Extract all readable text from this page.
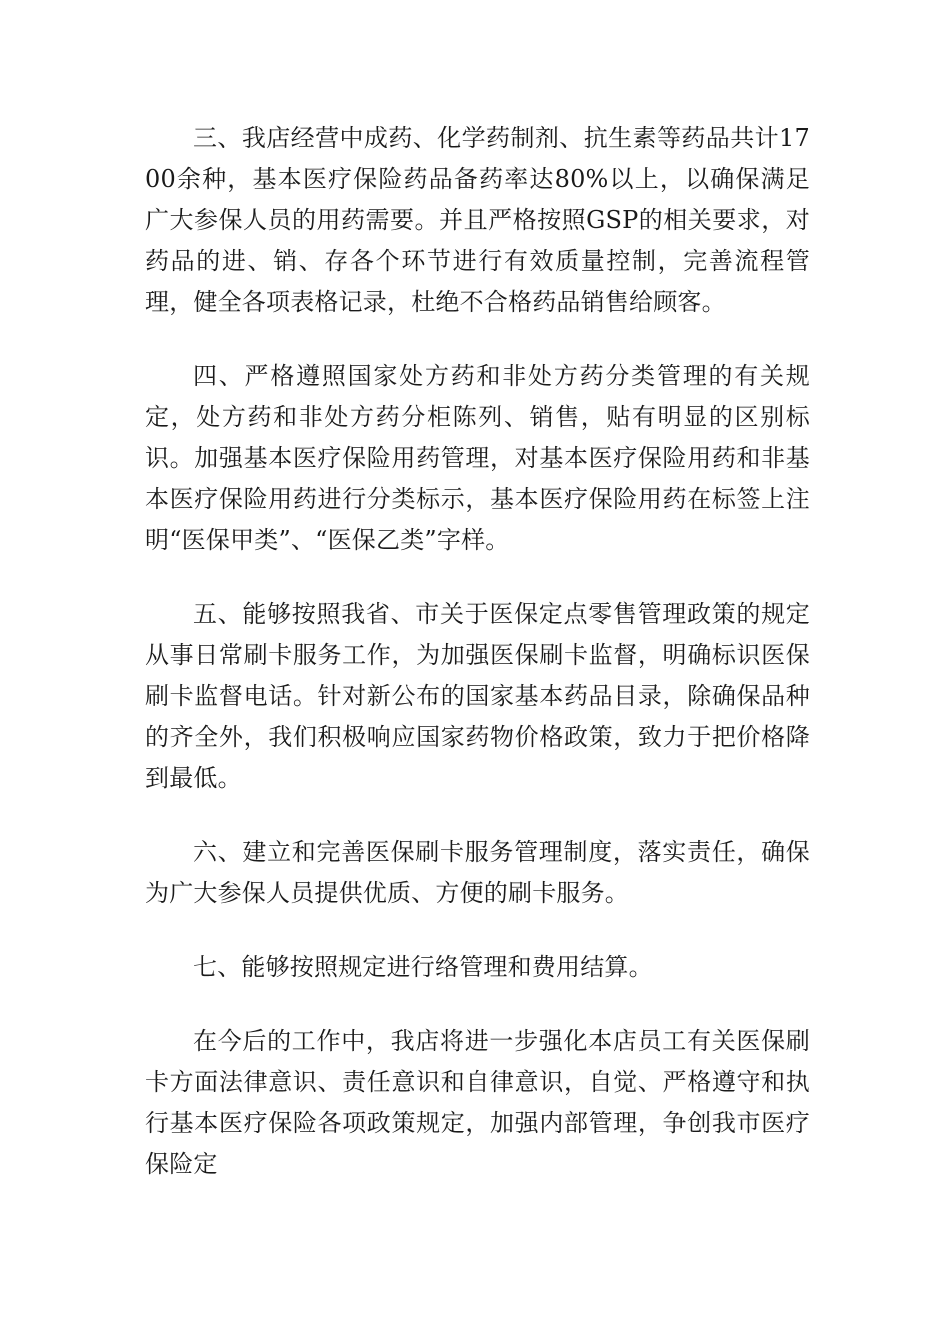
三、我店经营中成药、化学药制剂、抗生素等药品共计1700余种，基本医疗保险药品备药率达80%以上，以确保满足广大参保人员的用药需要。并且严格按照GSP的相关要求，对药品的进、销、存各个环节进行有效质量控制，完善流程管理，健全各项表格记录，杜绝不合格药品销售给顾客。

四、严格遵照国家处方药和非处方药分类管理的有关规定，处方药和非处方药分柜陈列、销售，贴有明显的区别标识。加强基本医疗保险用药管理，对基本医疗保险用药和非基本医疗保险用药进行分类标示，基本医疗保险用药在标签上注明“医保甲类”、“医保乙类”字样。

五、能够按照我省、市关于医保定点零售管理政策的规定从事日常刷卡服务工作，为加强医保刷卡监督，明确标识医保刷卡监督电话。针对新公布的国家基本药品目录，除确保品种的齐全外，我们积极响应国家药物价格政策，致力于把价格降到最低。

六、建立和完善医保刷卡服务管理制度，落实责任，确保为广大参保人员提供优质、方便的刷卡服务。

七、能够按照规定进行络管理和费用结算。

在今后的工作中，我店将进一步强化本店员工有关医保刷卡方面法律意识、责任意识和自律意识，自觉、严格遵守和执行基本医疗保险各项政策规定，加强内部管理，争创我市医疗保险定
